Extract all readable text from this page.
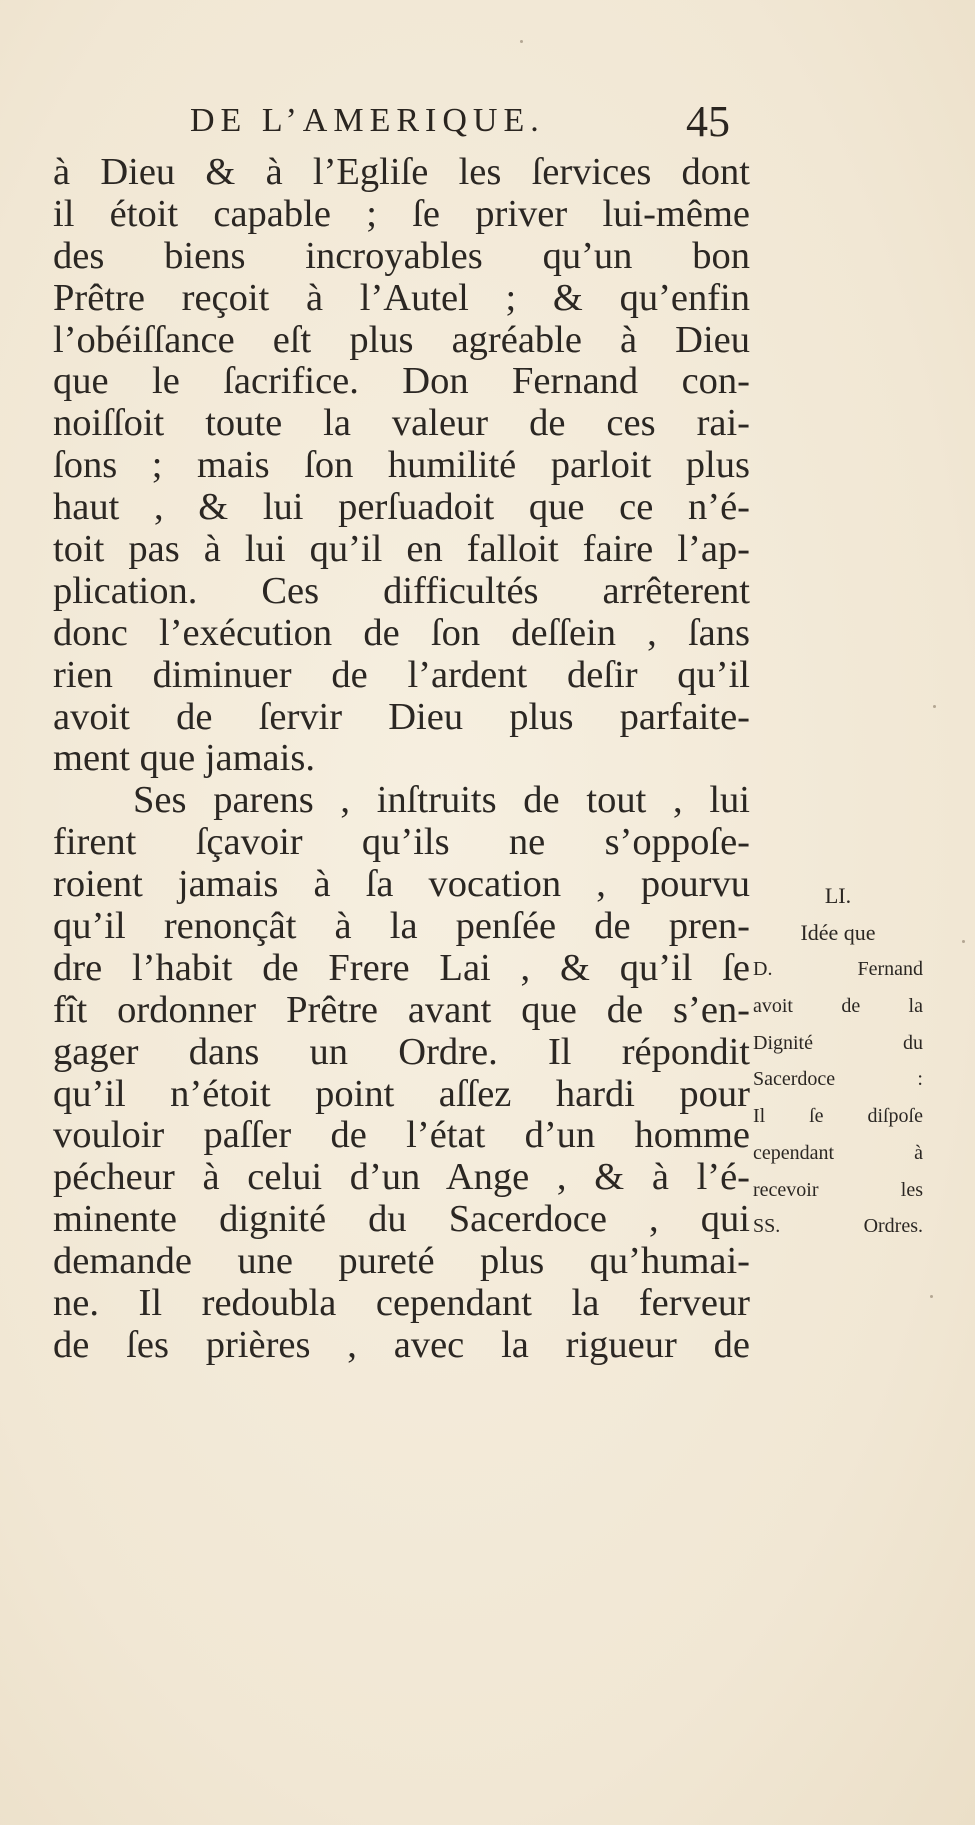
DE L’AMERIQUE.	45
à Dieu & à l’Egliſe les ſervices dont
il étoit capable ; ſe priver lui-même
des biens incroyables qu’un bon
Prêtre reçoit à l’Autel ; & qu’enfin
l’obéiſſance eſt plus agréable à Dieu
que le ſacrifice. Don Fernand con-
noiſſoit toute la valeur de ces rai-
ſons ; mais ſon humilité parloit plus
haut , & lui perſuadoit que ce n’é-
toit pas à lui qu’il en falloit faire l’ap-
plication. Ces difficultés arrêterent
donc l’exécution de ſon deſſein , ſans
rien diminuer de l’ardent deſir qu’il
avoit de ſervir Dieu plus parfaite-
ment que jamais.
Ses parens , inſtruits de tout , lui
firent ſçavoir qu’ils ne s’oppoſe-
roient jamais à ſa vocation , pourvu
qu’il renonçât à la penſée de pren-
dre l’habit de Frere Lai , & qu’il ſe
fît ordonner Prêtre avant que de s’en-
gager dans un Ordre. Il répondit
qu’il n’étoit point aſſez hardi pour
vouloir paſſer de l’état d’un homme
pécheur à celui d’un Ange , & à l’é-
minente dignité du Sacerdoce , qui
demande une pureté plus qu’humai-
ne. Il redoubla cependant la ferveur
de ſes prières , avec la rigueur de
LI.
Idée que
D. Fernand
avoit de la
Dignité du
Sacerdoce :
Il ſe diſpoſe
cependant à
recevoir les
SS. Ordres.
